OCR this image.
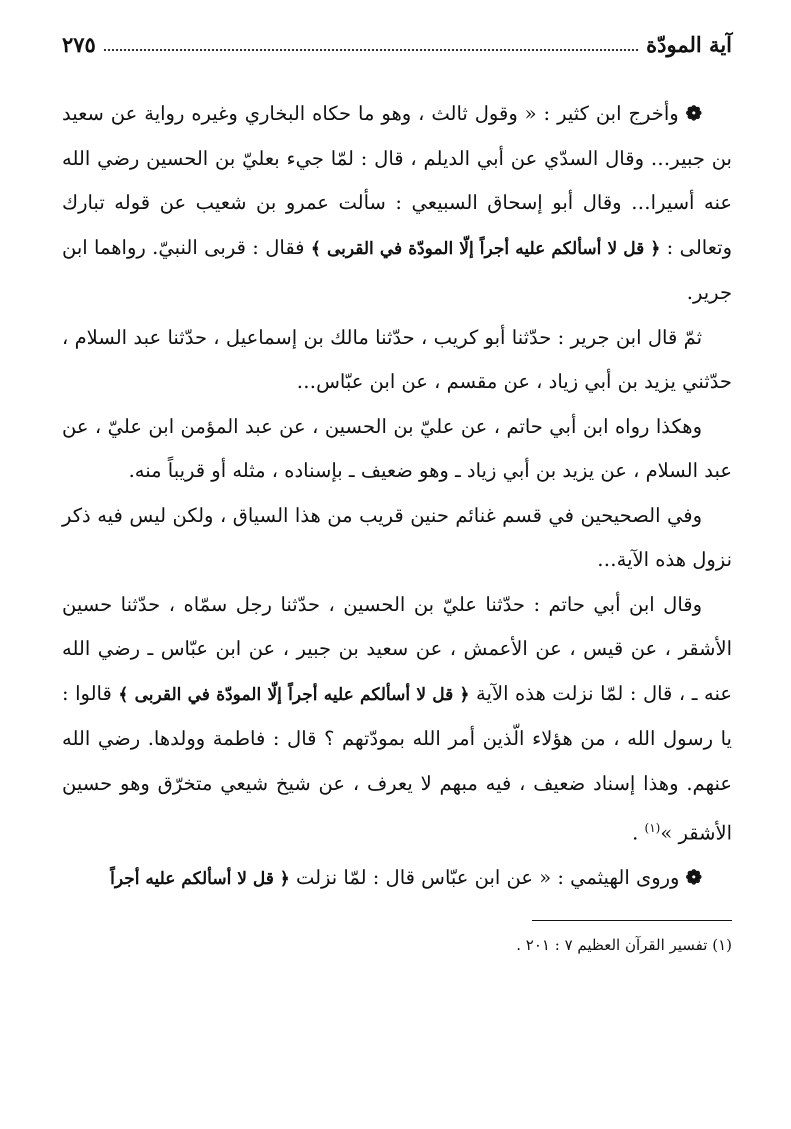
آية المودّة
٢٧٥

❁ وأخرج ابن كثير : « وقول ثالث ، وهو ما حكاه البخاري وغيره رواية عن سعيد بن جبير… وقال السدّي عن أبي الديلم ، قال : لمّا جيء بعليّ بن الحسين رضي الله عنه أسيرا… وقال أبو إسحاق السبيعي : سألت عمرو بن شعيب عن قوله تبارك وتعالى : ﴿ قل لا أسألكم عليه أجراً إلّا المودّة في القربى ﴾ فقال : قربى النبيّ. رواهما ابن جرير.

ثمّ قال ابن جرير : حدّثنا أبو كريب ، حدّثنا مالك بن إسماعيل ، حدّثنا عبد السلام ، حدّثني يزيد بن أبي زياد ، عن مقسم ، عن ابن عبّاس…

وهكذا رواه ابن أبي حاتم ، عن عليّ بن الحسين ، عن عبد المؤمن ابن عليّ ، عن عبد السلام ، عن يزيد بن أبي زياد ـ وهو ضعيف ـ بإسناده ، مثله أو قريباً منه.

وفي الصحيحين في قسم غنائم حنين قريب من هذا السياق ، ولكن ليس فيه ذكر نزول هذه الآية…

وقال ابن أبي حاتم : حدّثنا عليّ بن الحسين ، حدّثنا رجل سمّاه ، حدّثنا حسين الأشقر ، عن قيس ، عن الأعمش ، عن سعيد بن جبير ، عن ابن عبّاس ـ رضي الله عنه ـ ، قال : لمّا نزلت هذه الآية ﴿ قل لا أسألكم عليه أجراً إلّا المودّة في القربى ﴾ قالوا : يا رسول الله ، من هؤلاء الّذين أمر الله بمودّتهم ؟ قال : فاطمة وولدها. رضي الله عنهم. وهذا إسناد ضعيف ، فيه مبهم لا يعرف ، عن شيخ شيعي متخرّق وهو حسين الأشقر »$^{(١)}$ .

❁ وروى الهيثمي : « عن ابن عبّاس قال : لمّا نزلت ﴿ قل لا أسألكم عليه أجراً

(١) تفسير القرآن العظيم ٧ : ٢٠١ .
